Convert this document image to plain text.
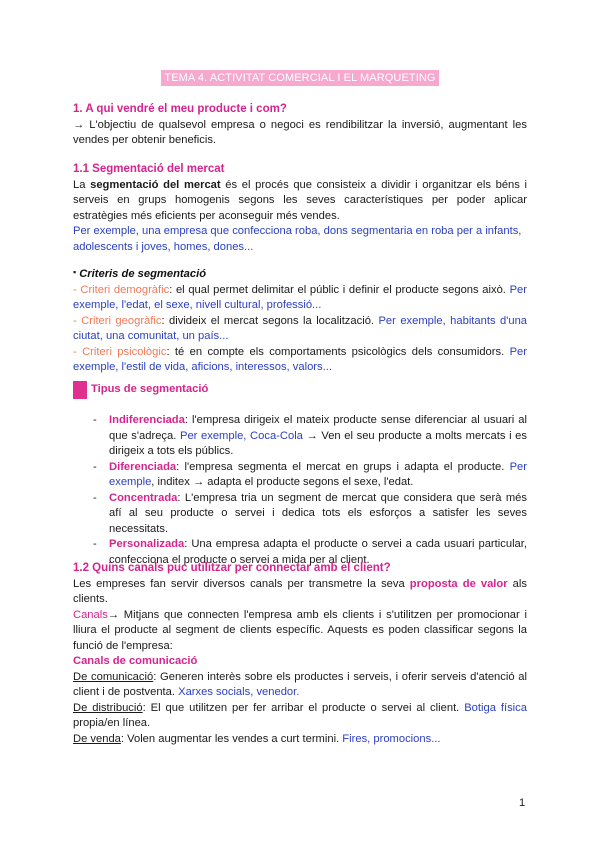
TEMA 4. ACTIVITAT COMERCIAL I EL MARQUETING
1. A qui vendré el meu producte i com?
→ L'objectiu de qualsevol empresa o negoci es rendibilitzar la inversió, augmentant les vendes per obtenir beneficis.
1.1 Segmentació del mercat
La segmentació del mercat és el procés que consisteix a dividir i organitzar els béns i serveis en grups homogenis segons les seves característiques per poder aplicar estratègies més eficients per aconseguir més vendes.
Per exemple, una empresa que confecciona roba, dons segmentaria en roba per a infants, adolescents i joves, homes, dones...
▪ Criteris de segmentació
- Criteri demogràfic: el qual permet delimitar el públic i definir el producte segons això. Per exemple, l'edat, el sexe, nivell cultural, professió...
- Criteri geogràfic: divideix el mercat segons la localització. Per exemple, habitants d'una ciutat, una comunitat, un país...
- Criteri psicològic: té en compte els comportaments psicològics dels consumidors. Per exemple, l'estil de vida, aficions, interessos, valors...
Tipus de segmentació
- Indiferenciada: l'empresa dirigeix el mateix producte sense diferenciar al usuari al que s'adreça. Per exemple, Coca-Cola → Ven el seu producte a molts mercats i es dirigeix a tots els públics.
- Diferenciada: l'empresa segmenta el mercat en grups i adapta el producte. Per exemple, inditex → adapta el producte segons el sexe, l'edat.
- Concentrada: L'empresa tria un segment de mercat que considera que serà més afí al seu producte o servei i dedica tots els esforços a satisfer les seves necessitats.
- Personalizada: Una empresa adapta el producte o servei a cada usuari particular, confecciona el producte o servei a mida per al client.
1.2 Quins canals puc utilitzar per connectar amb el client?
Les empreses fan servir diversos canals per transmetre la seva proposta de valor als clients.
Canals→ Mitjans que connecten l'empresa amb els clients i s'utilitzen per promocionar i lliura el producte al segment de clients específic. Aquests es poden classificar segons la funció de l'empresa:
Canals de comunicació
De comunicació: Generen interès sobre els productes i serveis, i oferir serveis d'atenció al client i de postventa. Xarxes socials, venedor.
De distribució: El que utilitzen per fer arribar el producte o servei al client. Botiga física propia/en línea.
De venda: Volen augmentar les vendes a curt termini. Fires, promocions...
1
